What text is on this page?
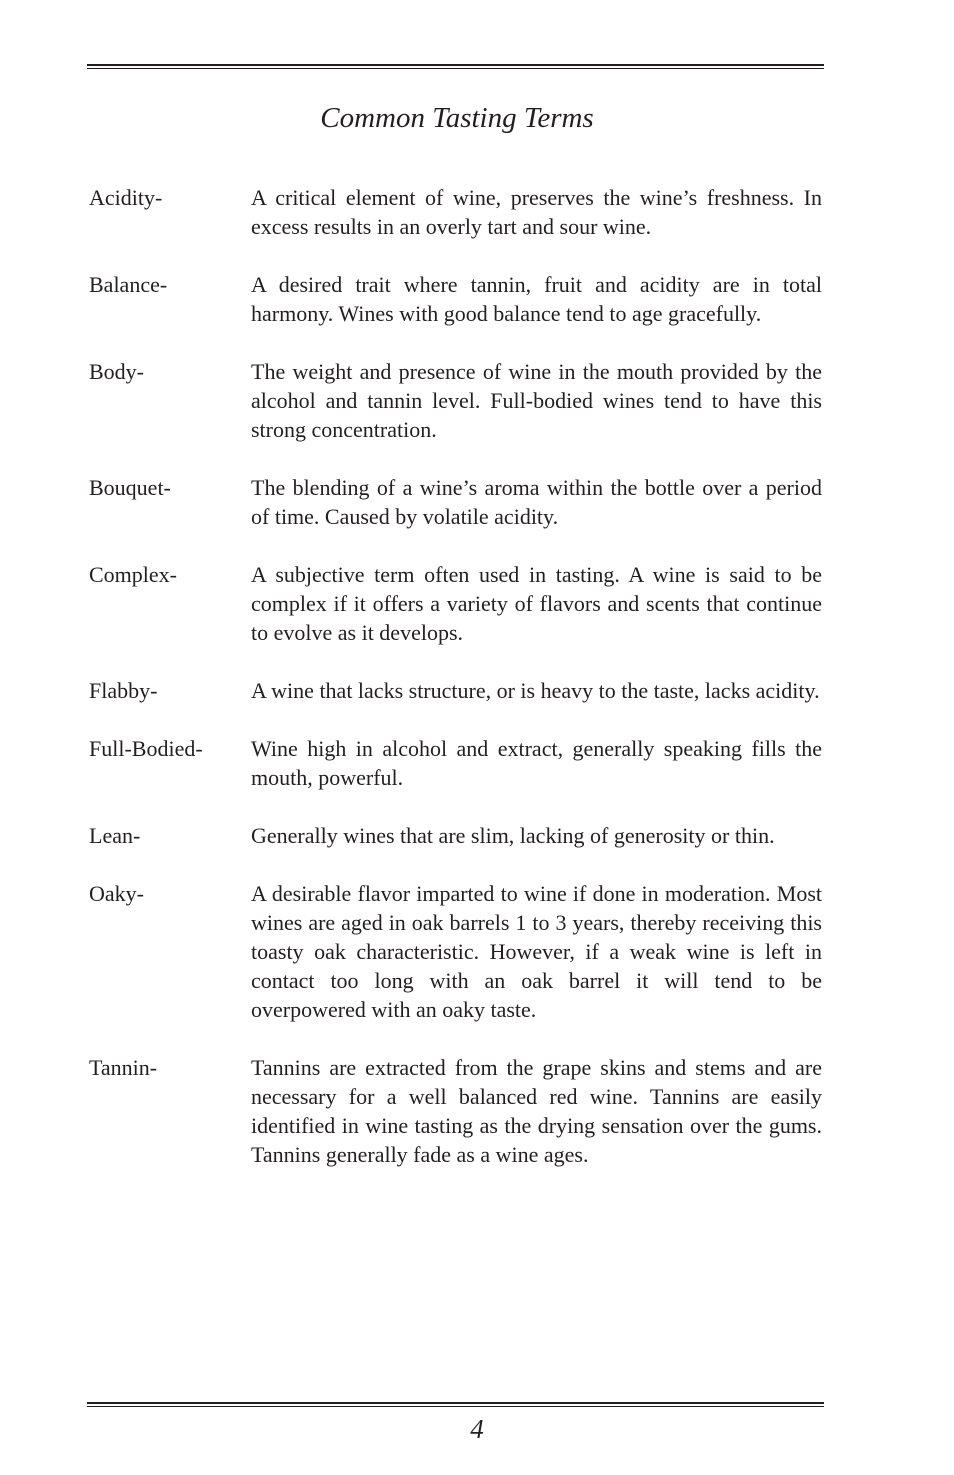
Common Tasting Terms
Acidity-	A critical element of wine, preserves the wine’s freshness. In excess results in an overly tart and sour wine.
Balance-	A desired trait where tannin, fruit and acidity are in total harmony. Wines with good balance tend to age gracefully.
Body-	The weight and presence of wine in the mouth provided by the alcohol and tannin level. Full-bodied wines tend to have this strong concentration.
Bouquet-	The blending of a wine’s aroma within the bottle over a period of time. Caused by volatile acidity.
Complex-	A subjective term often used in tasting. A wine is said to be complex if it offers a variety of flavors and scents that continue to evolve as it develops.
Flabby-	A wine that lacks structure, or is heavy to the taste, lacks acidity.
Full-Bodied-	Wine high in alcohol and extract, generally speaking fills the mouth, powerful.
Lean-	Generally wines that are slim, lacking of generosity or thin.
Oaky-	A desirable flavor imparted to wine if done in moderation. Most wines are aged in oak barrels 1 to 3 years, thereby receiving this toasty oak characteristic. However, if a weak wine is left in contact too long with an oak barrel it will tend to be overpowered with an oaky taste.
Tannin-	Tannins are extracted from the grape skins and stems and are necessary for a well balanced red wine. Tannins are easily identified in wine tasting as the drying sensation over the gums. Tannins generally fade as a wine ages.
4
